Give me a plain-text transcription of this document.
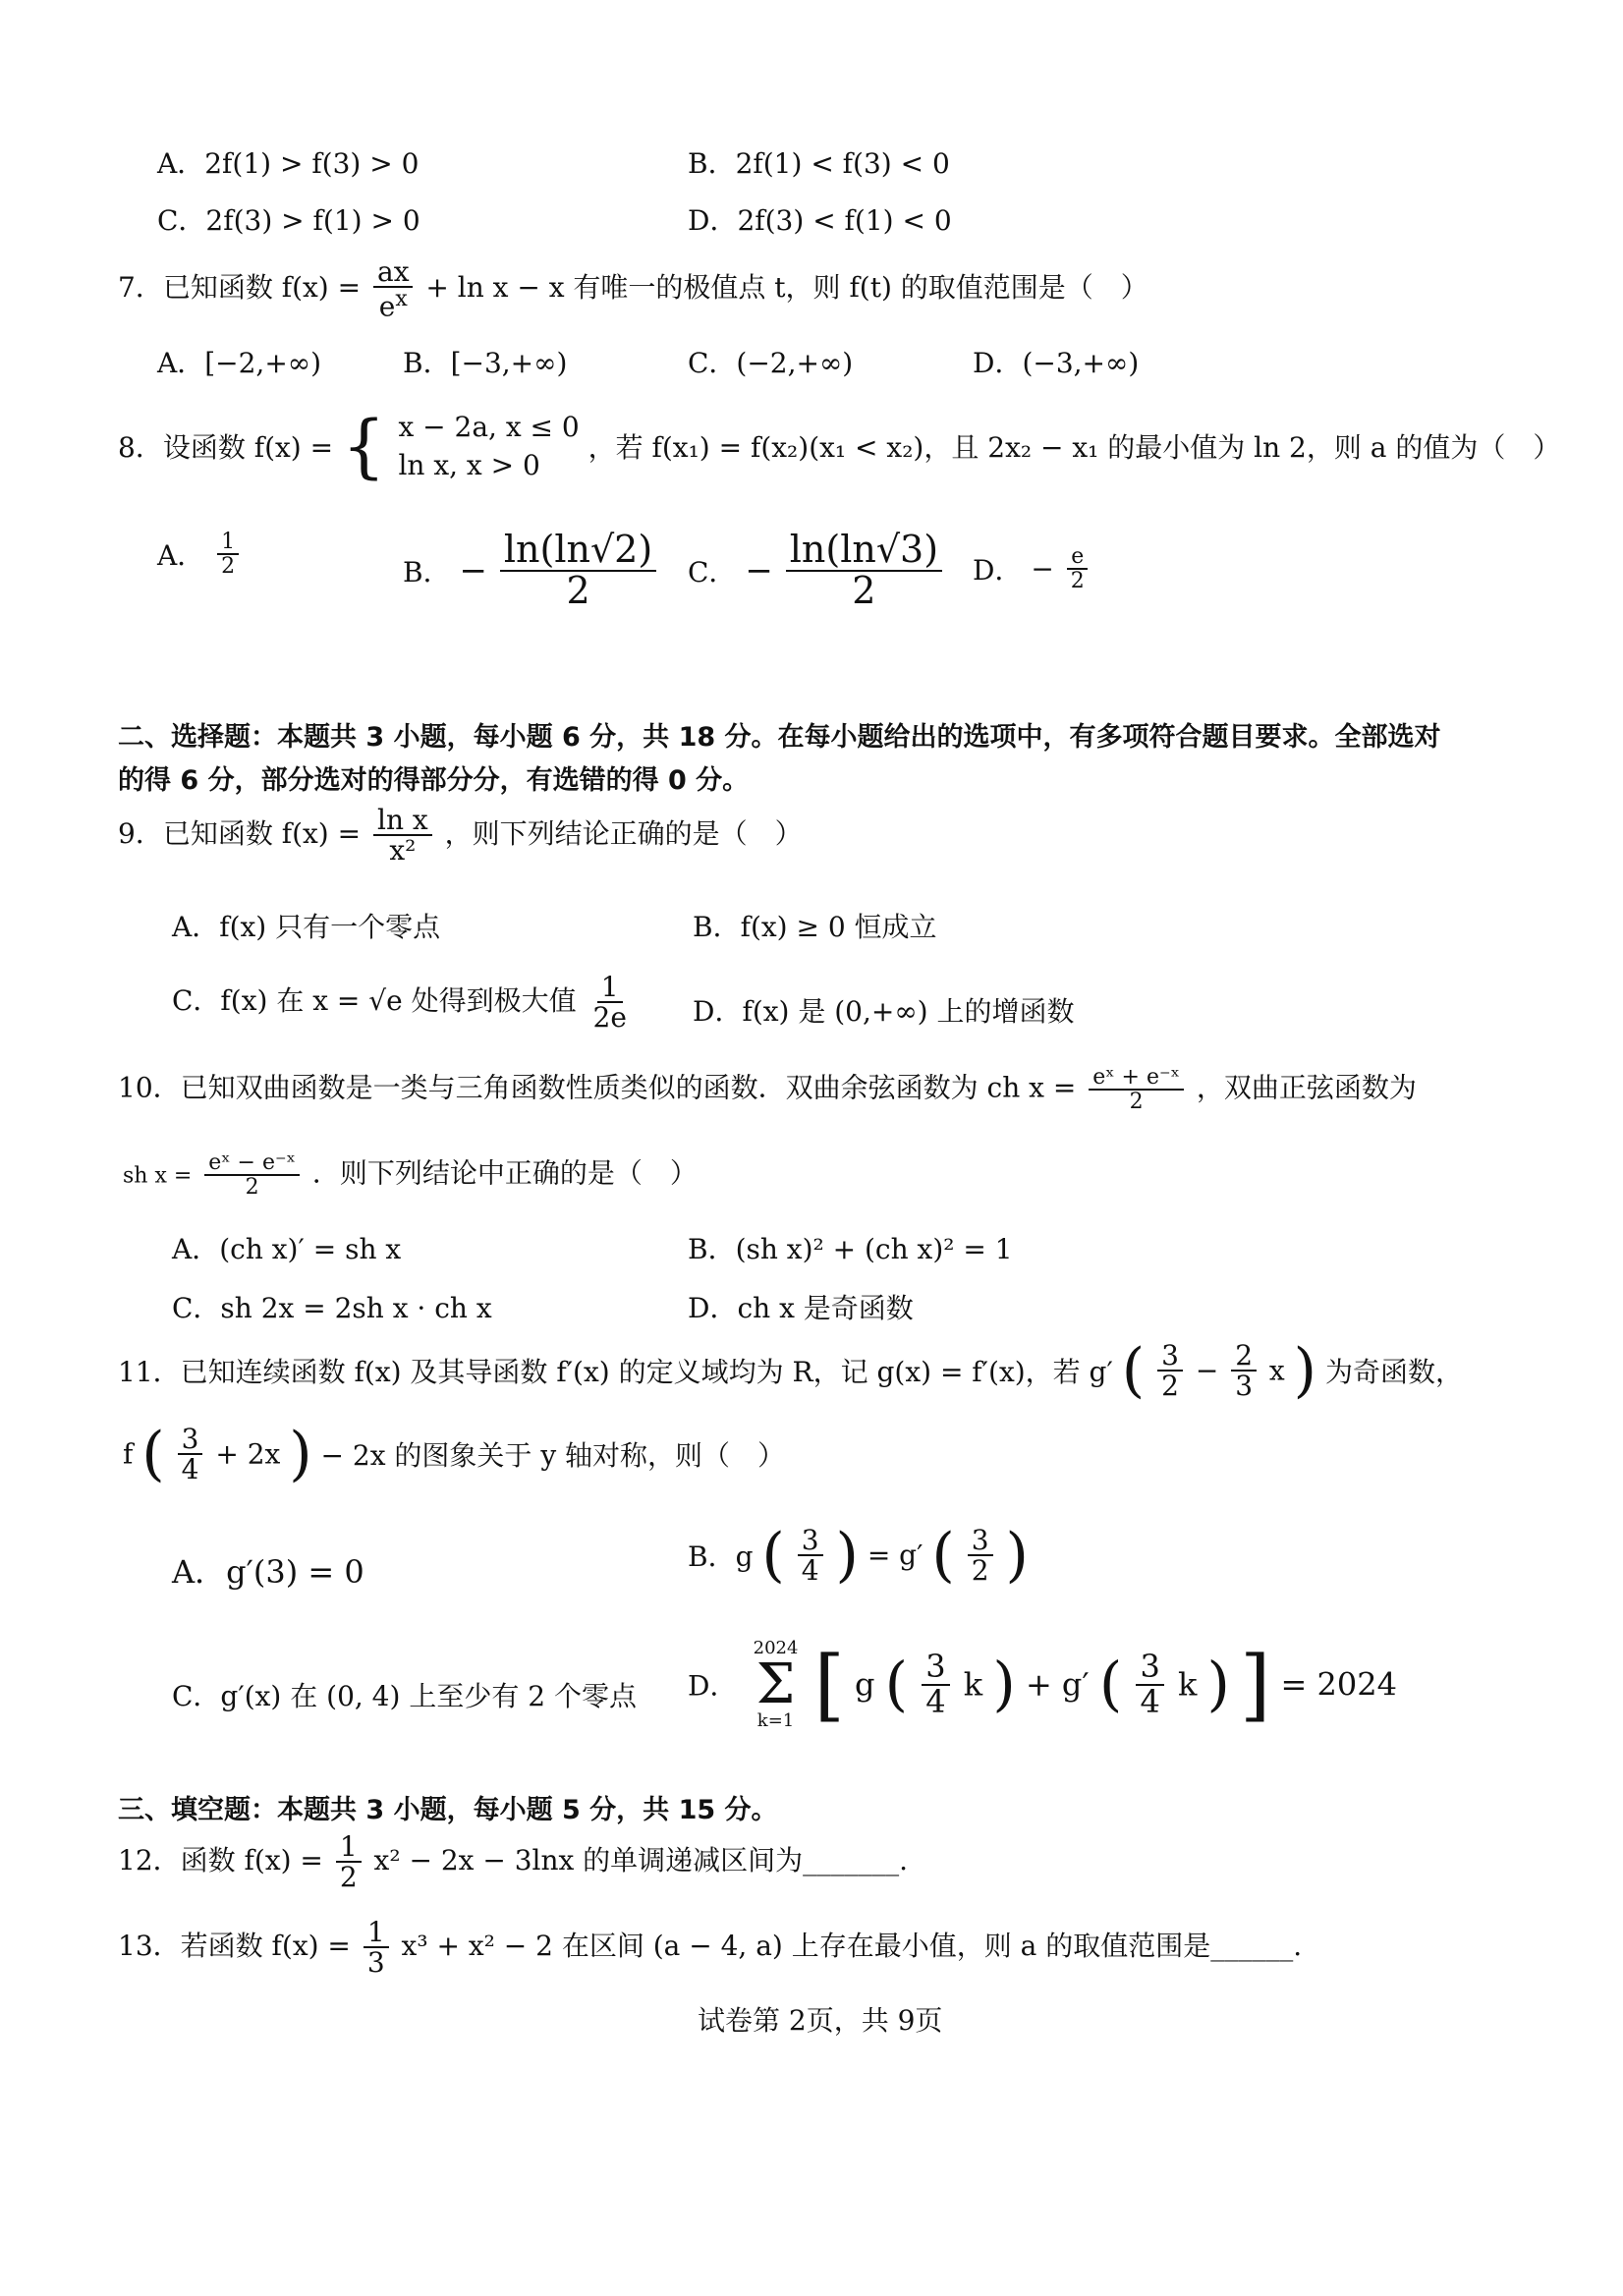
A．2f(1) > f(3) > 0	B．2f(1) < f(3) < 0
C．2f(3) > f(1) > 0	D．2f(3) < f(1) < 0
7．已知函数 $f(x) = \frac{ax}{e^x} + \ln x - x$ 有唯一的极值点 t，则 f(t) 的取值范围是（　）
A．[−2,+∞)	B．[−3,+∞)	C．(−2,+∞)	D．(−3,+∞)
8．设函数 f(x) = { x − 2a, x ≤ 0
ln x, x > 0
，若 f(x₁) = f(x₂)(x₁ < x₂)，且 2x₂ − x₁ 的最小值为 ln 2，则 a 的值为（　）
A． $\frac{1}{2}$	B． − $\frac{\ln(\ln√2)}{2}$ C． − $\frac{\ln(\ln√3)}{2}$ D． − $\frac{e}{2}$
二、选择题：本题共 3 小题，每小题 6 分，共 18 分。在每小题给出的选项中，有多项符合题目要求。全部选对
的得 6 分，部分选对的得部分分，有选错的得 0 分。
9．已知函数 $f(x) = \frac{\text{ln x}}{\text{x²}}$ ，则下列结论正确的是（　）
A．f(x) 只有一个零点	B．f(x) ≥ 0 恒成立
C．f(x) 在 x = √e 处得到极大值 $\frac{1}{2e}$ D．f(x) 是 (0,+∞) 上的增函数
10．已知双曲函数是一类与三角函数性质类似的函数．双曲余弦函数为 ch $x = \frac{\text{eˣ + e⁻ˣ}}{2}$ ，双曲正弦函数为
sh $x = \frac{\text{eˣ − e⁻ˣ}}{2}$ ．则下列结论中正确的是（　）
A．(ch x)′ = sh x	B．(sh x)² + (ch x)² = 1
C．sh 2x = 2sh x · ch x	D．ch x 是奇函数
11．已知连续函数 f(x) 及其导函数 f′(x) 的定义域均为 R，记 g(x) = f′(x)，若 g′ ( $\frac{3}{2} - \frac{2}{3}$ x ) 为奇函数，
f ( $\frac{3}{4} + 2x$ ) − 2x 的图象关于 y 轴对称，则（　）
A．g′(3) = 0	B．g ( $\frac{3}{4}$ ) = g′ ( $\frac{3}{2}$ )
C．g′(x) 在 (0, 4) 上至少有 2 个零点 D．
2024
Σ
k=1 [ g ( $\frac{3}{4}$ k ) + g′ ( $\frac{3}{4}$ k ) ] = 2024
三、填空题：本题共 3 小题，每小题 5 分，共 15 分。
12．函数 $f(x) = \frac{1}{2} x^2 - 2x - 3\ln x$ 的单调递减区间为_______.
13．若函数 $f(x) = \frac{1}{3} x^3 + x^2 - 2$ 在区间 (a − 4, a) 上存在最小值，则 a 的取值范围是______.
试卷第 2页，共 9页
